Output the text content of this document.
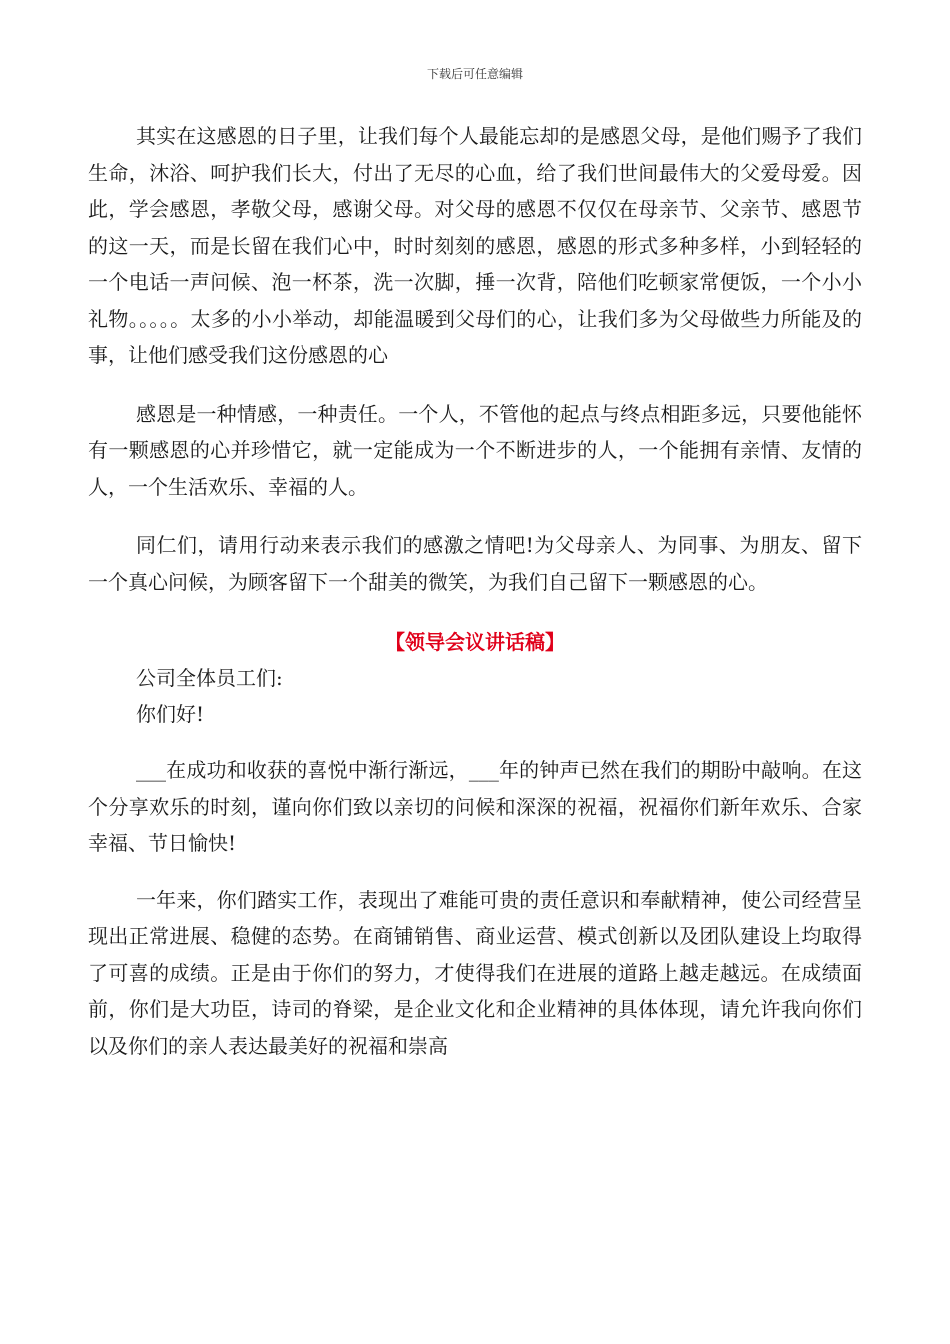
下载后可任意编辑

其实在这感恩的日子里，让我们每个人最能忘却的是感恩父母，是他们赐予了我们生命，沐浴、呵护我们长大，付出了无尽的心血，给了我们世间最伟大的父爱母爱。因此，学会感恩，孝敬父母，感谢父母。对父母的感恩不仅仅在母亲节、父亲节、感恩节的这一天，而是长留在我们心中，时时刻刻的感恩，感恩的形式多种多样，小到轻轻的一个电话一声问候、泡一杯茶，洗一次脚，捶一次背，陪他们吃顿家常便饭，一个小小礼物。。。。。太多的小小举动，却能温暖到父母们的心，让我们多为父母做些力所能及的事，让他们感受我们这份感恩的心

感恩是一种情感，一种责任。一个人，不管他的起点与终点相距多远，只要他能怀有一颗感恩的心并珍惜它，就一定能成为一个不断进步的人，一个能拥有亲情、友情的人，一个生活欢乐、幸福的人。

同仁们，请用行动来表示我们的感激之情吧!为父母亲人、为同事、为朋友、留下一个真心问候，为顾客留下一个甜美的微笑，为我们自己留下一颗感恩的心。

【领导会议讲话稿】

公司全体员工们:

你们好!

___在成功和收获的喜悦中渐行渐远，___年的钟声已然在我们的期盼中敲响。在这个分享欢乐的时刻，谨向你们致以亲切的问候和深深的祝福，祝福你们新年欢乐、合家幸福、节日愉快!

一年来，你们踏实工作，表现出了难能可贵的责任意识和奉献精神，使公司经营呈现出正常进展、稳健的态势。在商铺销售、商业运营、模式创新以及团队建设上均取得了可喜的成绩。正是由于你们的努力，才使得我们在进展的道路上越走越远。在成绩面前，你们是大功臣，诗司的脊梁，是企业文化和企业精神的具体体现，请允许我向你们以及你们的亲人表达最美好的祝福和崇高
